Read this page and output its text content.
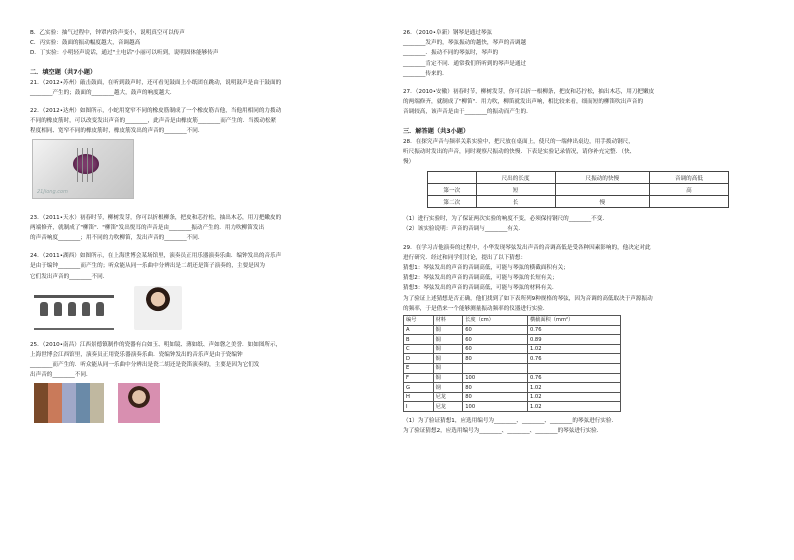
B．乙实验：抽气过程中，钟罩内铃声变小，说明真空可以传声

C．丙实验：鼓面的振动幅度越大，音调越高

D．丁实验：小明轻声说话，通过"土电话"小丽可以听到，说明固体能够传声

二．填空题（共7小题）

21．（2012•苏州）敲击鼓面，在听到鼓声时，还可看见鼓面上小纸团在跳动，说明鼓声是由于鼓面的

________产生的；鼓面的________越大，鼓声的响度越大．

22．（2012•达州）如图所示，小蛇用宽窄不同的橡皮筋制成了一个橡皮筋吉他，当他用相同的力拨动

不同的橡皮筋时，可以改变发出声音的________，此声音是由橡皮筋________而产生的．当拨动松紧

程度相同、宽窄不同的橡皮筋时，橡皮筋发出的声音的________不同．

21Jiong.com

23．（2011•天水）初春时节，柳树发芽，你可以折根柳条，把皮和芯拧松，抽出木芯，用刀把嫩皮的

两端修齐，就制成了"柳笛"．"柳笛"发出悦耳的声音是由________振动产生的．用力吹柳笛发出

的声音响度________；用不同的力吹柳笛，发出声音的________不同．

24．（2011•湖西）如图所示，在上海世博会某场馆里，演奏员正用乐器演奏乐曲．编钟发出的音乐声

是由于编钟________而产生的；听众能从同一乐曲中分辨出是二胡还是笛子演奏的，主要是因为

它们发出声音的________不同．

25．（2010•南昌）江西景德镇制作的瓷器有白如玉、明如镜、薄如纸、声如磬之美誉．如如图所示，

上海世博会江西馆里，演奏员正用瓷乐器演奏乐曲．瓷编钟发出的音乐声是由于瓷编钟

________而产生的．听众能从同一乐曲中分辨出是瓷二胡还是瓷笛演奏的，主要是因为它们发

出声音的________不同．

26．（2010•阜新）钢琴是通过琴弦

________发声的，琴弦振动的越快，琴声的音调越

________．振动不同的琴弦时，琴声的

________肯定不同．通常我们所听到的琴声是通过

________传来的．

27．（2010•安徽）初春时节，柳树发芽，你可以折一根柳条，把皮和芯拧松，抽出木芯，用刀把嫩皮

的两端修齐，就制成了"柳笛"．用力吹，柳笛就发出声响，相比较来看，细而短的柳笛吹出声音的

音调较高，该声音是由于________的振动而产生的．

三．解答题（共3小题）

28．在探究声音与频率关系实验中，把尺放在桌面上，使尺的一端伸出桌边，用手拨动钢尺，

听尺振动时发出的声音，同时观察尺振动的快慢．下表是实验记录情况，请你补充完整．（快、

慢）

	尺出的长度	尺振动的快慢	音调的高低
第一次	短		高
第二次	长	慢	

（1）进行实验时，为了保证两次实验的响度不变，必须保持钢尺的________不变．

（2）该实验说明：声音的音调与________有关．

29．在学习吉他演奏的过程中，小华发现琴弦发出声音的音调高低是受各种因素影响的，他决定对此

进行研究．经过和同学们讨论，提出了以下猜想：

猜想1：琴弦发出的声音的音调高低，可能与琴弦的横截面积有关；

猜想2：琴弦发出的声音的音调高低，可能与琴弦的长短有关；

猜想3：琴弦发出的声音的音调高低，可能与琴弦的材料有关．

为了验证上述猜想是否正确，他们找到了如下表所列9种规格的琴弦，因为音调的高低取决于声源振动

的频率，于是借来一个能够测量振动频率的仪器进行实验．

编号	材料	长度（cm）	横截面积（mm²）
A	铜	60	0.76
B	铜	60	0.89
C	铜	60	1.02
D	铜	80	0.76
E	铜		
F	铜	100	0.76
G	钢	80	1.02
H	尼龙	80	1.02
I	尼龙	100	1.02

（1）为了验证猜想1，应选用编号为________、________、________的琴弦进行实验．

为了验证猜想2，应选用编号为________、________、________的琴弦进行实验．
